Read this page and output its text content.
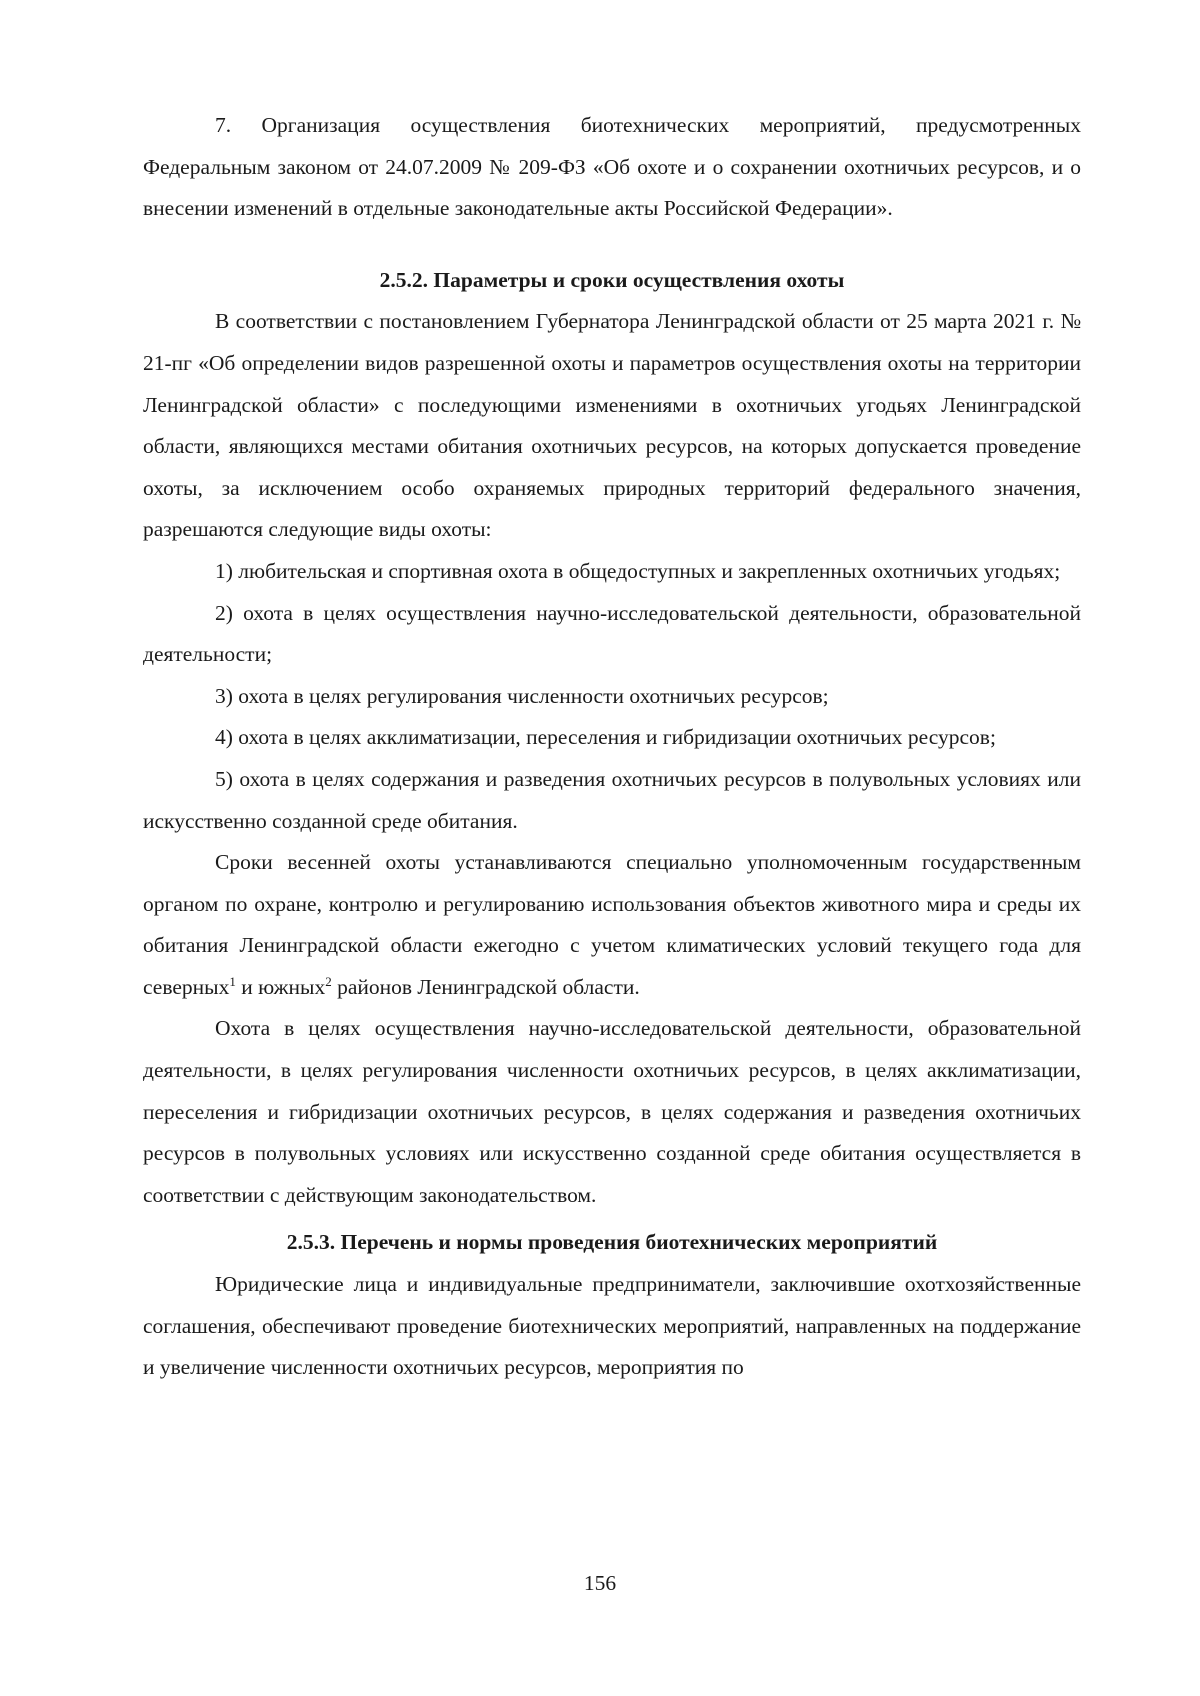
7. Организация осуществления биотехнических мероприятий, предусмотренных Федеральным законом от 24.07.2009 № 209-ФЗ «Об охоте и о сохранении охотничьих ресурсов, и о внесении изменений в отдельные законодательные акты Российской Федерации».

2.5.2. Параметры и сроки осуществления охоты

В соответствии с постановлением Губернатора Ленинградской области от 25 марта 2021 г. № 21-пг «Об определении видов разрешенной охоты и параметров осуществления охоты на территории Ленинградской области» с последующими изменениями в охотничьих угодьях Ленинградской области, являющихся местами обитания охотничьих ресурсов, на которых допускается проведение охоты, за исключением особо охраняемых природных территорий федерального значения, разрешаются следующие виды охоты:

1) любительская и спортивная охота в общедоступных и закрепленных охотничьих угодьях;

2) охота в целях осуществления научно-исследовательской деятельности, образовательной деятельности;

3) охота в целях регулирования численности охотничьих ресурсов;

4) охота в целях акклиматизации, переселения и гибридизации охотничьих ресурсов;

5) охота в целях содержания и разведения охотничьих ресурсов в полувольных условиях или искусственно созданной среде обитания.

Сроки весенней охоты устанавливаются специально уполномоченным государственным органом по охране, контролю и регулированию использования объектов животного мира и среды их обитания Ленинградской области ежегодно с учетом климатических условий текущего года для северных$^1$ и южных$^2$ районов Ленинградской области.

Охота в целях осуществления научно-исследовательской деятельности, образовательной деятельности, в целях регулирования численности охотничьих ресурсов, в целях акклиматизации, переселения и гибридизации охотничьих ресурсов, в целях содержания и разведения охотничьих ресурсов в полувольных условиях или искусственно созданной среде обитания осуществляется в соответствии с действующим законодательством.

2.5.3. Перечень и нормы проведения биотехнических мероприятий

Юридические лица и индивидуальные предприниматели, заключившие охотхозяйственные соглашения, обеспечивают проведение биотехнических мероприятий, направленных на поддержание и увеличение численности охотничьих ресурсов, мероприятия по

156
